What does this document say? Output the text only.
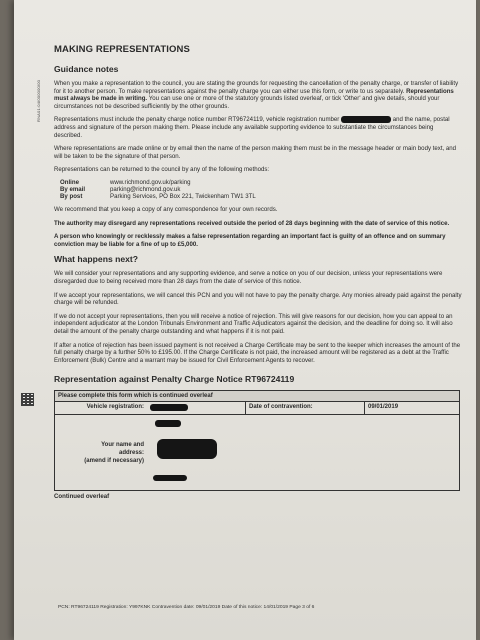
RNA01:04/000000/00
MAKING REPRESENTATIONS
Guidance notes

When you make a representation to the council, you are stating the grounds for requesting the cancellation of the penalty charge, or transfer of liability for it to another person. To make representations against the penalty charge you can either use this form, or write to us separately. Representations must always be made in writing. You can use one or more of the statutory grounds listed overleaf, or tick 'Other' and give details, should your circumstances not be described sufficiently by the other grounds.

Representations must include the penalty charge notice number RT96724119, vehicle registration number	and the name, postal address and signature of the person making them. Please include any available supporting evidence to substantiate the circumstances being described.

Where representations are made online or by email then the name of the person making them must be in the message header or main body text, and will be taken to be the signature of that person.

Representations can be returned to the council by any of the following methods:

Online	www.richmond.gov.uk/parking
By email	parking@richmond.gov.uk
By post	Parking Services, PO Box 221, Twickenham TW1 3TL

We recommend that you keep a copy of any correspondence for your own records.

The authority may disregard any representations received outside the period of 28 days beginning with the date of service of this notice.

A person who knowingly or recklessly makes a false representation regarding an important fact is guilty of an offence and on summary conviction may be liable for a fine of up to £5,000.

What happens next?

We will consider your representations and any supporting evidence, and serve a notice on you of our decision, unless your representations were disregarded due to being received more than 28 days from the date of service of this notice.

If we accept your representations, we will cancel this PCN and you will not have to pay the penalty charge. Any monies already paid against the penalty charge will be refunded.

If we do not accept your representations, then you will receive a notice of rejection. This will give reasons for our decision, how you can appeal to an independent adjudicator at the London Tribunals Environment and Traffic Adjudicators against the decision, and the deadline for doing so. It will also detail the amount of the penalty charge outstanding and what happens if it is not paid.

If after a notice of rejection has been issued payment is not received a Charge Certificate may be sent to the keeper which increases the amount of the full penalty charge by a further 50% to £195.00. If the Charge Certificate is not paid, the increased amount will be registered as a debt at the Traffic Enforcement (Bulk) Centre and a warrant may be issued for Civil Enforcement Agents to recover.

Representation against Penalty Charge Notice RT96724119
Please complete this form which is continued overleaf
Vehicle registration:	Date of contravention:	09/01/2019
Your name and
address:
(amend if necessary)
Continued overleaf
PCN: RT96724119 Registration: Y997KNK Contravention date: 09/01/2019 Date of this notice: 14/01/2019 Page 3 of 6
